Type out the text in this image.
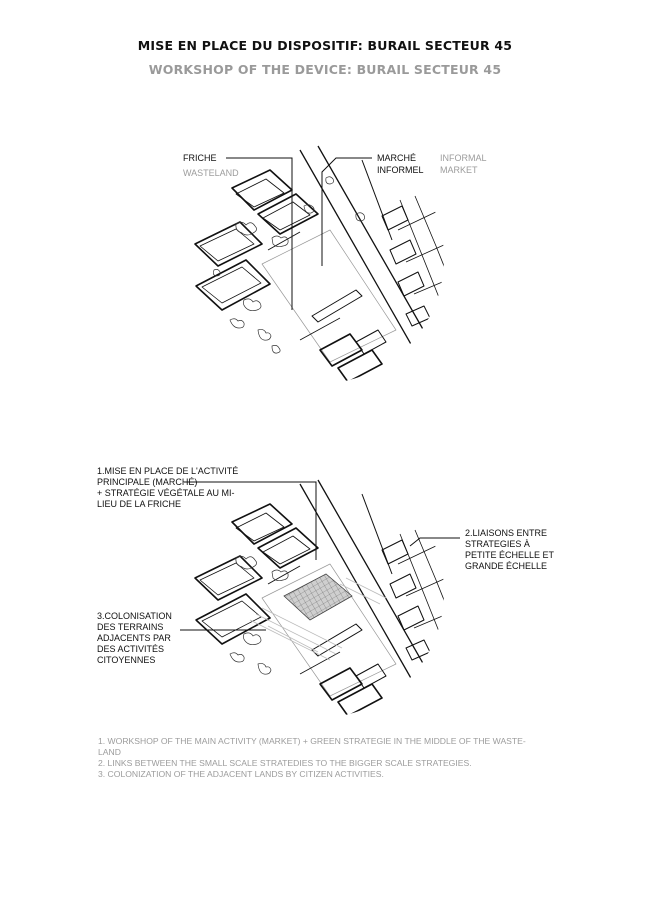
MISE EN PLACE DU DISPOSITIF: BURAIL SECTEUR 45
WORKSHOP OF THE DEVICE: BURAIL SECTEUR 45
FRICHE
WASTELAND
MARCHÉ
INFORMEL
INFORMAL
MARKET
1.MISE EN PLACE DE L'ACTIVITÉ
PRINCIPALE (MARCHÉ)
+ STRATÉGIE VÉGÉTALE AU MI-
LIEU DE LA FRICHE
2.LIAISONS ENTRE
STRATEGIES À
PETITE ÉCHELLE ET
GRANDE ÉCHELLE
3.COLONISATION
DES TERRAINS
ADJACENTS PAR
DES ACTIVITÉS
CITOYENNES
1. WORKSHOP OF THE MAIN ACTIVITY (MARKET) + GREEN STRATEGIE IN THE MIDDLE OF THE WASTE-
LAND
2. LINKS BETWEEN THE SMALL SCALE STRATEDIES TO THE BIGGER SCALE STRATEGIES.
3. COLONIZATION OF THE ADJACENT LANDS BY CITIZEN ACTIVITIES.
